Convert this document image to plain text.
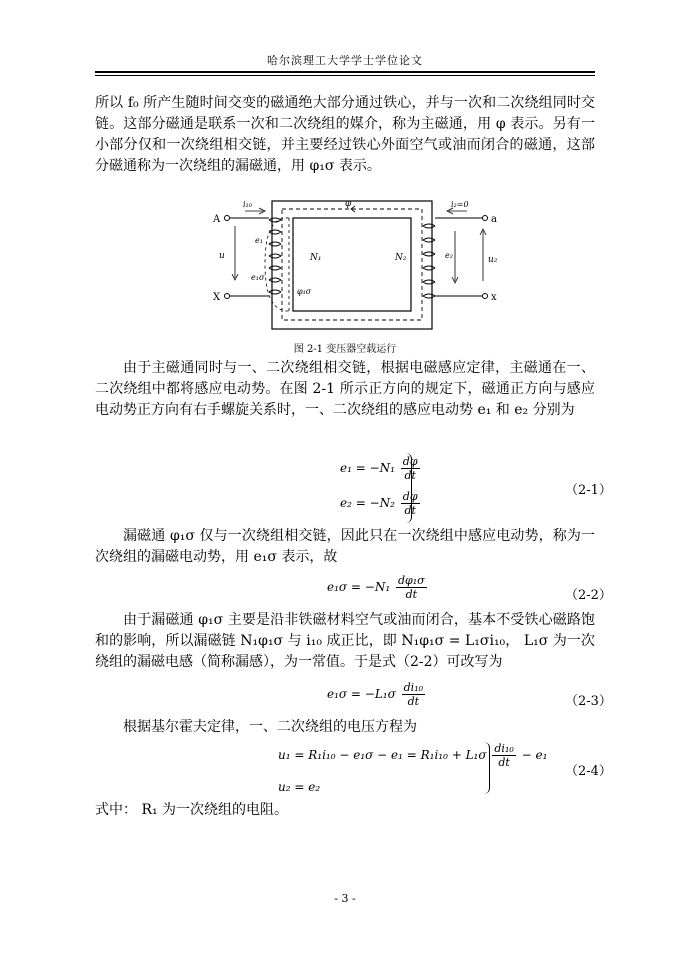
哈尔滨理工大学学士学位论文
所以 f₀ 所产生随时间交变的磁通绝大部分通过铁心，并与一次和二次绕组同时交链。这部分磁通是联系一次和二次绕组的媒介，称为主磁通，用 φ 表示。另有一小部分仅和一次绕组相交链，并主要经过铁心外面空气或油而闭合的磁通，这部分磁通称为一次绕组的漏磁通，用 φ₁σ 表示。
A
X
a
x
u	u₂
i₁₀	i₂=0
e₁
e₁σ
e₂
N₁	N₂
φ
φ₁σ
图 2-1 变压器空载运行
由于主磁通同时与一、二次绕组相交链，根据电磁感应定律，主磁通在一、二次绕组中都将感应电动势。在图 2-1 所示正方向的规定下，磁通正方向与感应电动势正方向有右手螺旋关系时，一、二次绕组的感应电动势 e₁ 和 e₂ 分别为
$e_1 = -N_1 \frac{d\varphi}{dt}$
$e_2 = -N_2 \frac{d\varphi}{dt}$	（2-1）
漏磁通 φ₁σ 仅与一次绕组相交链，因此只在一次绕组中感应电动势，称为一次绕组的漏磁电动势，用 e₁σ 表示，故
$e_1\sigma = -N_1 \frac{\text{dφ₁σ}}{dt}$	（2-2）
由于漏磁通 φ₁σ 主要是沿非铁磁材料空气或油而闭合，基本不受铁心磁路饱和的影响，所以漏磁链 N₁φ₁σ 与 i₁₀ 成正比，即 N₁φ₁σ = L₁σi₁₀， L₁σ 为一次绕组的漏磁电感（简称漏感），为一常值。于是式（2-2）可改写为
$e_1\sigma = -L_1\sigma \frac{\text{di₁₀}}{dt}$	（2-3）
根据基尔霍夫定律，一、二次绕组的电压方程为
$u_1 = R_1i_{10} - e_1\sigma - e_1 = R_1i_{10} + L_1\sigma \frac{\text{di₁₀}}{dt} - e_1$
u₂ = e₂
（2-4）
式中： R₁ 为一次绕组的电阻。
- 3 -
